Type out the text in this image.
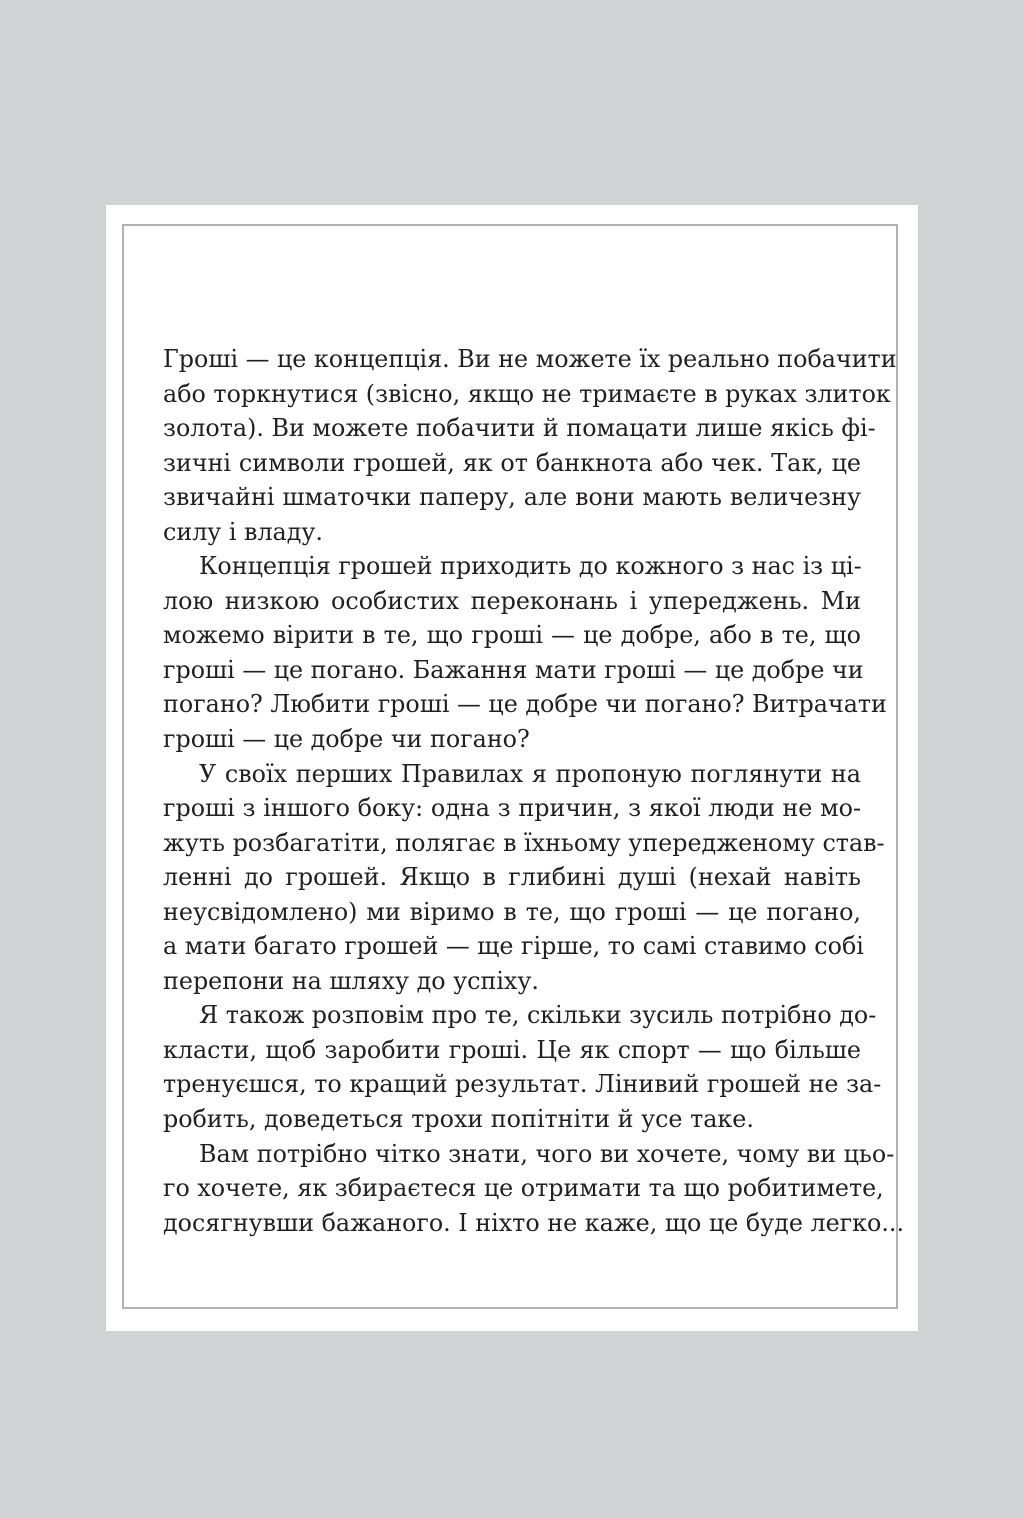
Гроші — це концепція. Ви не можете їх реально побачити
або торкнутися (звісно, якщо не тримаєте в руках злиток
золота). Ви можете побачити й помацати лише якісь фі-
зичні символи грошей, як от банкнота або чек. Так, це
звичайні шматочки паперу, але вони мають величезну
силу і владу.
Концепція грошей приходить до кожного з нас із ці-
лою низкою особистих переконань і упереджень. Ми
можемо вірити в те, що гроші — це добре, або в те, що
гроші — це погано. Бажання мати гроші — це добре чи
погано? Любити гроші — це добре чи погано? Витрачати
гроші — це добре чи погано?
У своїх перших Правилах я пропоную поглянути на
гроші з іншого боку: одна з причин, з якої люди не мо-
жуть розбагатіти, полягає в їхньому упередженому став-
ленні до грошей. Якщо в глибині душі (нехай навіть
неусвідомлено) ми віримо в те, що гроші — це погано,
а мати багато грошей — ще гірше, то самі ставимо собі
перепони на шляху до успіху.
Я також розповім про те, скільки зусиль потрібно до-
класти, щоб заробити гроші. Це як спорт — що більше
тренуєшся, то кращий результат. Лінивий грошей не за-
робить, доведеться трохи попітніти й усе таке.
Вам потрібно чітко знати, чого ви хочете, чому ви цьо-
го хочете, як збираєтеся це отримати та що робитимете,
досягнувши бажаного. І ніхто не каже, що це буде легко...
